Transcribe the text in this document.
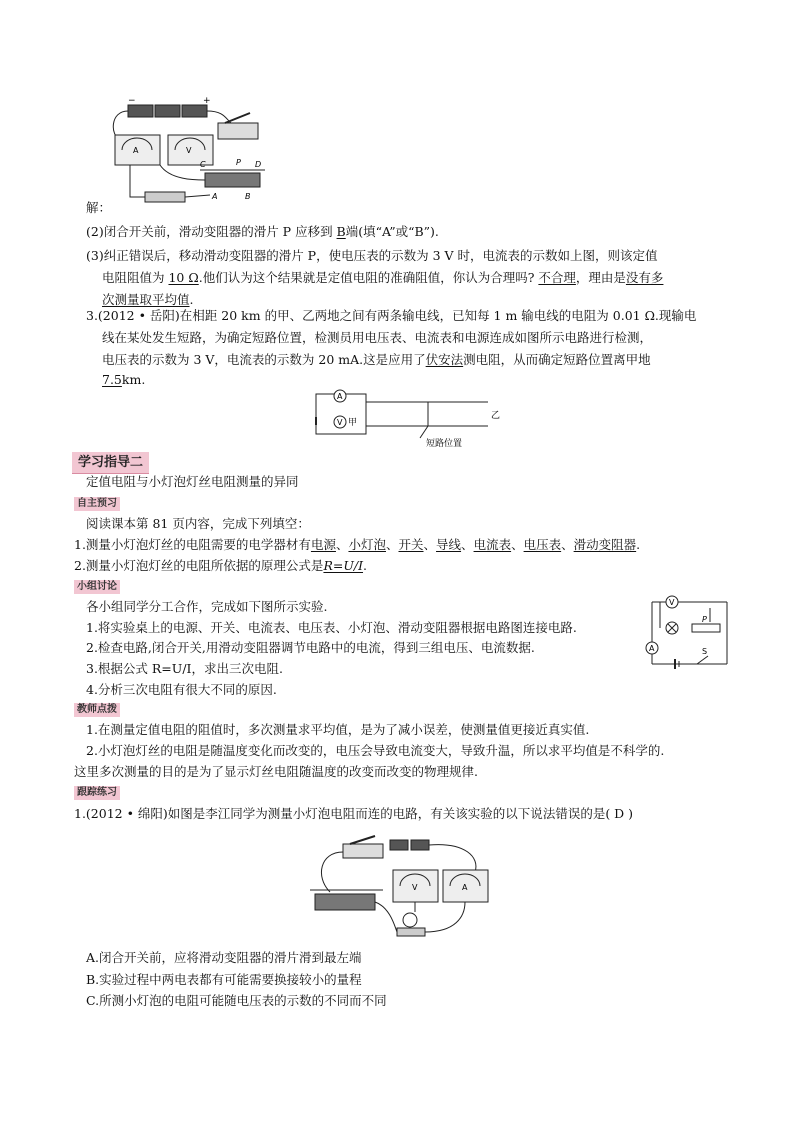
−	+
A	V
C	P D
A	B
解：
(2)闭合开关前，滑动变阻器的滑片 P 应移到 B端(填“A”或“B”).
(3)纠正错误后，移动滑动变阻器的滑片 P，使电压表的示数为 3 V 时，电流表的示数如上图，则该定值
电阻阻值为 10 Ω.他们认为这个结果就是定值电阻的准确阻值，你认为合理吗? 不合理，理由是没有多
次测量取平均值.
3.(2012 • 岳阳)在相距 20 km 的甲、乙两地之间有两条输电线，已知每 1 m 输电线的电阻为 0.01 Ω.现输电
线在某处发生短路，为确定短路位置，检测员用电压表、电流表和电源连成如图所示电路进行检测，
电压表的示数为 3 V，电流表的示数为 20 mA.这是应用了伏安法测电阻，从而确定短路位置离甲地
7.5km.
A
V 甲
短路位置
乙
学习指导二
定值电阻与小灯泡灯丝电阻测量的异同
自主预习
阅读课本第 81 页内容，完成下列填空：
1.测量小灯泡灯丝的电阻需要的电学器材有电源、小灯泡、开关、导线、电流表、电压表、滑动变阻器.
2.测量小灯泡灯丝的电阻所依据的原理公式是R=U/I.
小组讨论
各小组同学分工合作，完成如下图所示实验.
1.将实验桌上的电源、开关、电流表、电压表、小灯泡、滑动变阻器根据电路图连接电路.
2.检查电路,闭合开关,用滑动变阻器调节电路中的电流，得到三组电压、电流数据.
3.根据公式 R=U/I，求出三次电阻.
4.分析三次电阻有很大不同的原因.
V
P
A	S
教师点拨
1.在测量定值电阻的阻值时，多次测量求平均值，是为了减小误差，使测量值更接近真实值.
2.小灯泡灯丝的电阻是随温度变化而改变的，电压会导致电流变大，导致升温，所以求平均值是不科学的.
这里多次测量的目的是为了显示灯丝电阻随温度的改变而改变的物理规律.
跟踪练习
1.(2012 • 绵阳)如图是李江同学为测量小灯泡电阻而连的电路，有关该实验的以下说法错误的是( D )
V	A
A.闭合开关前，应将滑动变阻器的滑片滑到最左端
B.实验过程中两电表都有可能需要换接较小的量程
C.所测小灯泡的电阻可能随电压表的示数的不同而不同
